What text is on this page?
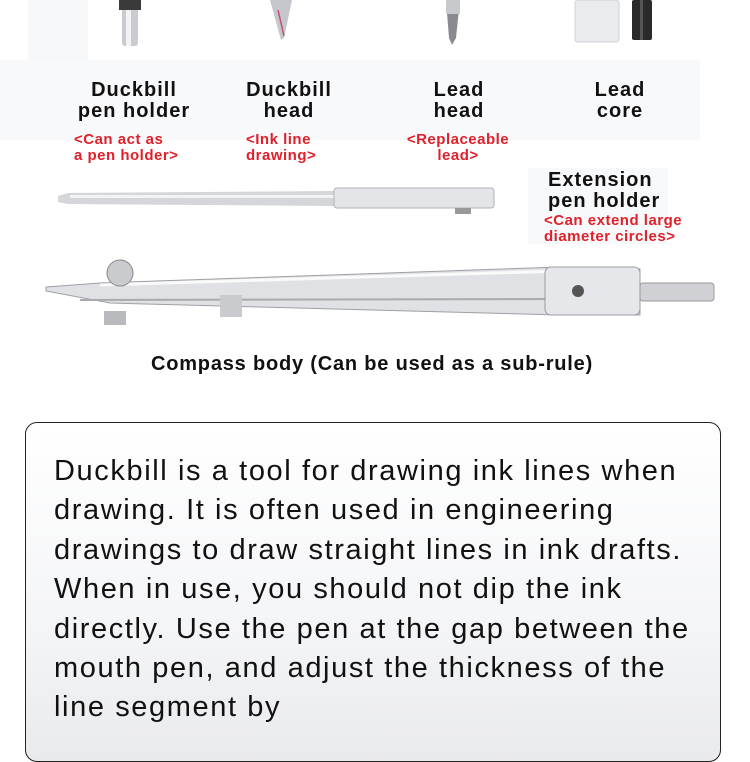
Duckbill
pen holder
Duckbill
head
Lead
head
Lead
core
<Can act as
a pen holder>
<Ink line
drawing>
<Replaceable
lead>
Extension
pen holder
<Can extend large
diameter circles>
Compass body (Can be used as a sub-rule)

Duckbill is a tool for drawing ink lines when drawing. It is often used in engineering drawings to draw straight lines in ink drafts.

When in use, you should not dip the ink directly. Use the pen at the gap between the mouth pen, and adjust the thickness of the line segment by
